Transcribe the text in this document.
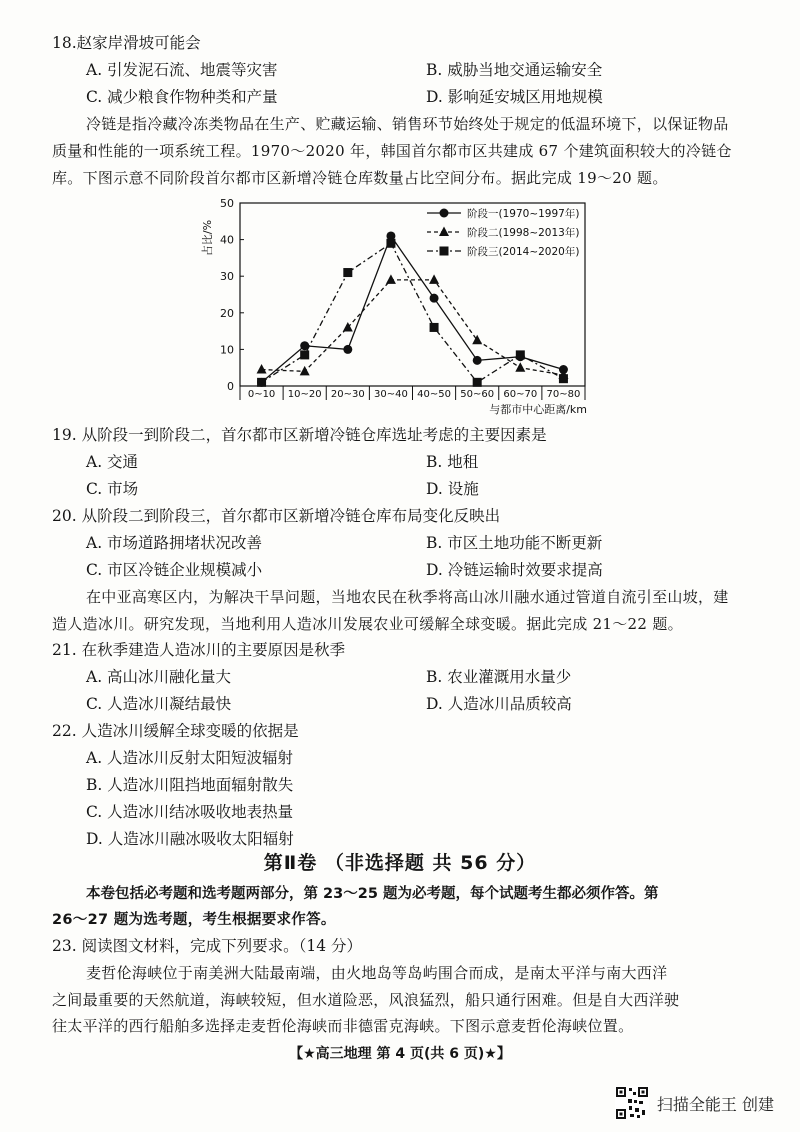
18.赵家岸滑坡可能会
A. 引发泥石流、地震等灾害	B. 威胁当地交通运输安全
C. 减少粮食作物种类和产量	D. 影响延安城区用地规模
冷链是指冷藏冷冻类物品在生产、贮藏运输、销售环节始终处于规定的低温环境下，以保证物品
质量和性能的一项系统工程。1970～2020 年，韩国首尔都市区共建成 67 个建筑面积较大的冷链仓
库。下图示意不同阶段首尔都市区新增冷链仓库数量占比空间分布。据此完成 19～20 题。
0
10
20
30
40
50
占比/%
0~10 10~20 20~30 30~40 40~50 50~60 60~70 70~80
与都市中心距离/km
阶段一(1970~1997年)
阶段二(1998~2013年)
阶段三(2014~2020年)
19. 从阶段一到阶段二，首尔都市区新增冷链仓库选址考虑的主要因素是
A. 交通	B. 地租
C. 市场	D. 设施
20. 从阶段二到阶段三，首尔都市区新增冷链仓库布局变化反映出
A. 市场道路拥堵状况改善	B. 市区土地功能不断更新
C. 市区冷链企业规模减小	D. 冷链运输时效要求提高
在中亚高寒区内，为解决干旱问题，当地农民在秋季将高山冰川融水通过管道自流引至山坡，建
造人造冰川。研究发现，当地利用人造冰川发展农业可缓解全球变暖。据此完成 21～22 题。
21. 在秋季建造人造冰川的主要原因是秋季
A. 高山冰川融化量大	B. 农业灌溉用水量少
C. 人造冰川凝结最快	D. 人造冰川品质较高
22. 人造冰川缓解全球变暖的依据是
A. 人造冰川反射太阳短波辐射
B. 人造冰川阻挡地面辐射散失
C. 人造冰川结冰吸收地表热量
D. 人造冰川融冰吸收太阳辐射
第Ⅱ卷 （非选择题 共 56 分）
本卷包括必考题和选考题两部分，第 23～25 题为必考题，每个试题考生都必须作答。第
26～27 题为选考题，考生根据要求作答。
23. 阅读图文材料，完成下列要求。（14 分）
麦哲伦海峡位于南美洲大陆最南端，由火地岛等岛屿围合而成，是南太平洋与南大西洋
之间最重要的天然航道，海峡较短，但水道险恶，风浪猛烈，船只通行困难。但是自大西洋驶
往太平洋的西行船舶多选择走麦哲伦海峡而非德雷克海峡。下图示意麦哲伦海峡位置。
【★高三地理 第 4 页(共 6 页)★】
扫描全能王 创建
